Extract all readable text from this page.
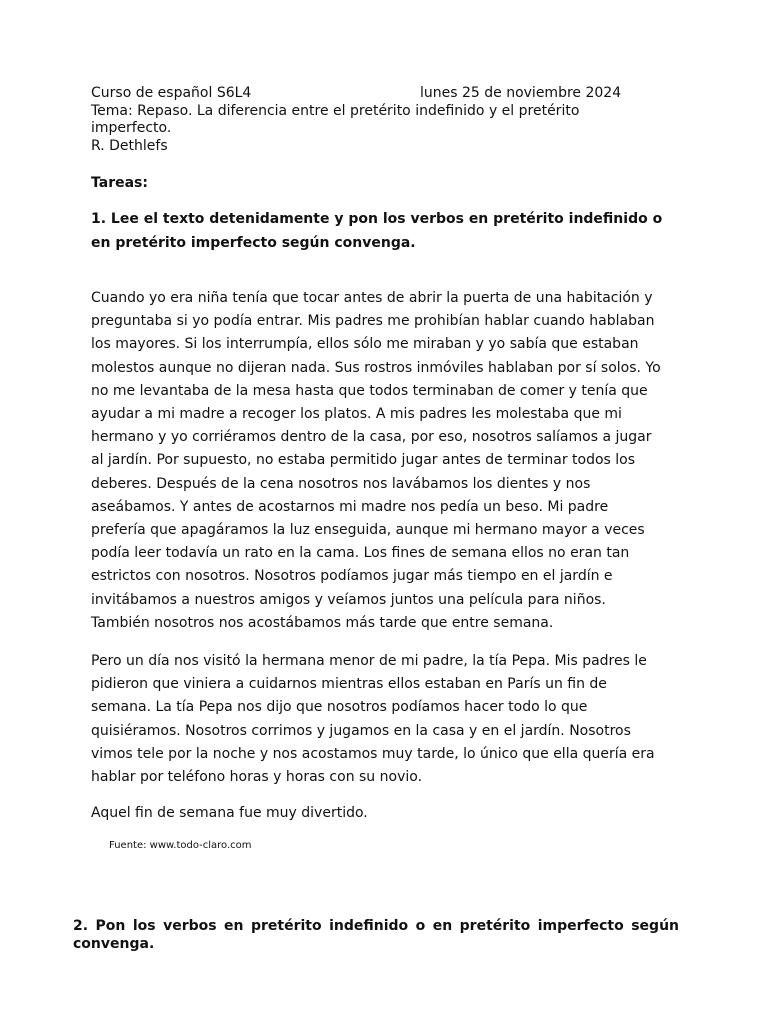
Curso de español S6L4	lunes 25 de noviembre 2024
Tema: Repaso. La diferencia entre el pretérito indefinido y el pretérito
imperfecto.
R. Dethlefs
Tareas:
1. Lee el texto detenidamente y pon los verbos en pretérito indefinido o
en pretérito imperfecto según convenga.

Cuando yo era niña tenía que tocar antes de abrir la puerta de una habitación y

preguntaba si yo podía entrar. Mis padres me prohibían hablar cuando hablaban

los mayores. Si los interrumpía, ellos sólo me miraban y yo sabía que estaban

molestos aunque no dijeran nada. Sus rostros inmóviles hablaban por sí solos. Yo

no me levantaba de la mesa hasta que todos terminaban de comer y tenía que

ayudar a mi madre a recoger los platos. A mis padres les molestaba que mi

hermano y yo corriéramos dentro de la casa, por eso, nosotros salíamos a jugar

al jardín. Por supuesto, no estaba permitido jugar antes de terminar todos los

deberes. Después de la cena nosotros nos lavábamos los dientes y nos

aseábamos. Y antes de acostarnos mi madre nos pedía un beso. Mi padre

prefería que apagáramos la luz enseguida, aunque mi hermano mayor a veces

podía leer todavía un rato en la cama. Los fines de semana ellos no eran tan

estrictos con nosotros. Nosotros podíamos jugar más tiempo en el jardín e

invitábamos a nuestros amigos y veíamos juntos una película para niños.

También nosotros nos acostábamos más tarde que entre semana.

Pero un día nos visitó la hermana menor de mi padre, la tía Pepa. Mis padres le
pidieron que viniera a cuidarnos mientras ellos estaban en París un fin de
semana. La tía Pepa nos dijo que nosotros podíamos hacer todo lo que
quisiéramos. Nosotros corrimos y jugamos en la casa y en el jardín. Nosotros
vimos tele por la noche y nos acostamos muy tarde, lo único que ella quería era
hablar por teléfono horas y horas con su novio.
Aquel fin de semana fue muy divertido.
Fuente: www.todo-claro.com
2. Pon los verbos en pretérito indefinido o en pretérito imperfecto según
convenga.
